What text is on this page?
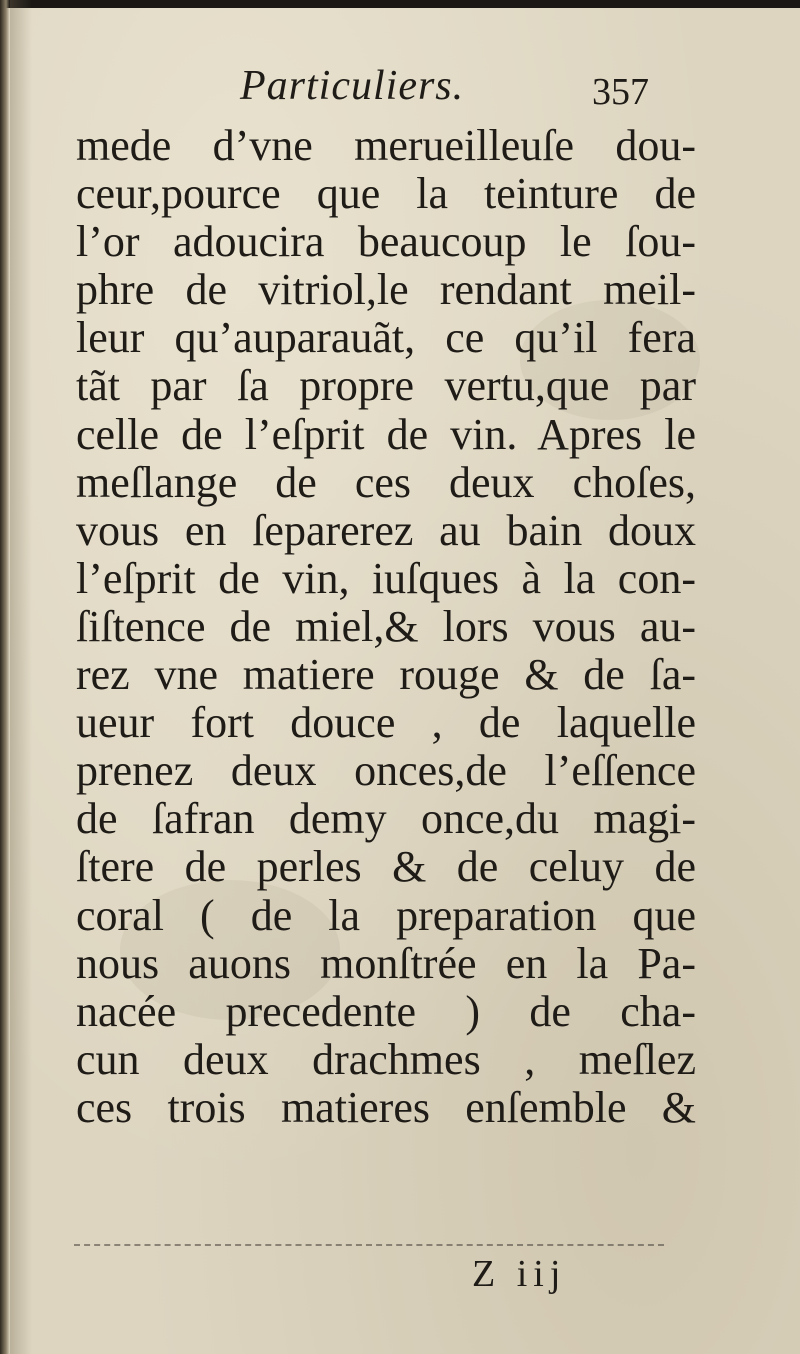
Particuliers.	357
mede d’vne merueilleuſe dou-
ceur,pource que la teinture de
l’or adoucira beaucoup le ſou-
phre de vitriol,le rendant meil-
leur qu’auparauãt, ce qu’il fera
tãt par ſa propre vertu,que par
celle de l’eſprit de vin. Apres le
meſlange de ces deux choſes,
vous en ſeparerez au bain doux
l’eſprit de vin, iuſques à la con-
ſiſtence de miel,& lors vous au-
rez vne matiere rouge & de ſa-
ueur fort douce , de laquelle
prenez deux onces,de l’eſſence
de ſafran demy once,du magi-
ſtere de perles & de celuy de
coral ( de la preparation que
nous auons monſtrée en la Pa-
nacée precedente ) de cha-
cun deux drachmes , meſlez
ces trois matieres enſemble &
Z iij
